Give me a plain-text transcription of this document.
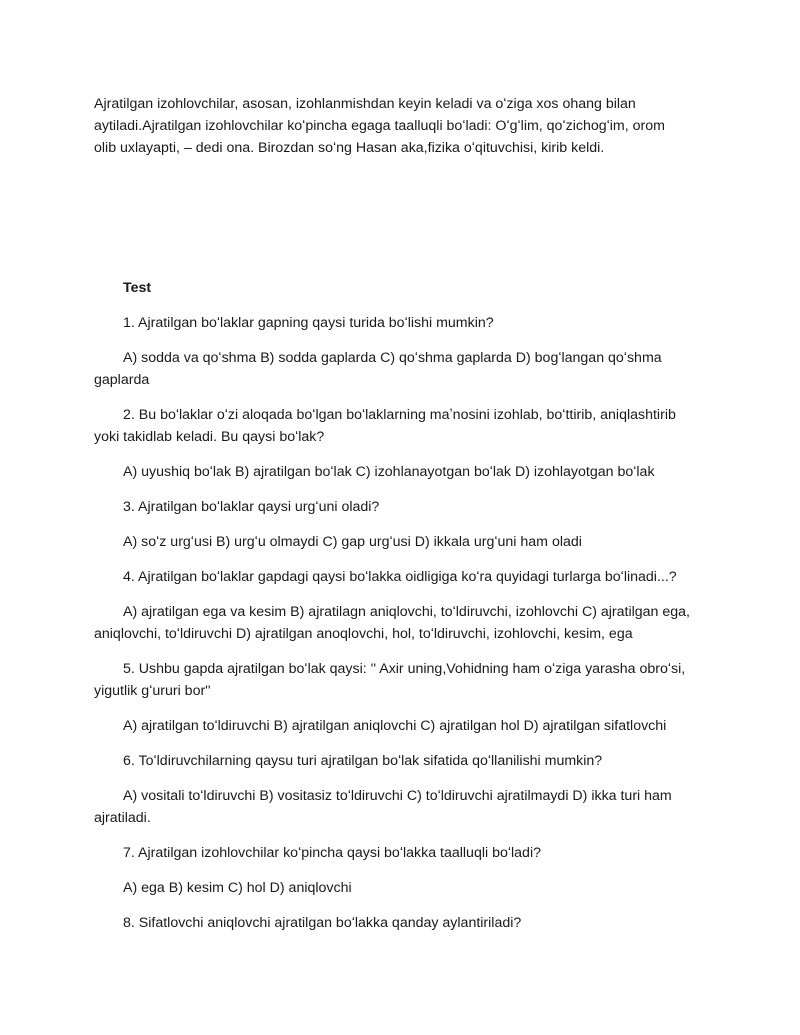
Ajratilgan izohlovchilar, asosan, izohlanmishdan keyin keladi va oʻziga xos ohang bilan

aytiladi.Ajratilgan izohlovchilar koʻpincha egaga taalluqli boʻladi: Oʻgʻlim, qoʻzichogʻim, orom

olib uxlayapti, – dedi ona. Birozdan soʻng Hasan aka,fizika oʻqituvchisi, kirib keldi.

Test

1. Ajratilgan boʻlaklar gapning qaysi turida boʻlishi mumkin?

A) sodda va qoʻshma B) sodda gaplarda C) qoʻshma gaplarda D) bogʻlangan qoʻshma

gaplarda

2. Bu boʻlaklar oʻzi aloqada boʻlgan boʻlaklarning maʼnosini izohlab, boʻttirib, aniqlashtirib

yoki takidlab keladi. Bu qaysi boʻlak?

A) uyushiq boʻlak B) ajratilgan boʻlak C) izohlanayotgan boʻlak D) izohlayotgan boʻlak

3. Ajratilgan boʻlaklar qaysi urgʻuni oladi?

A) soʻz urgʻusi B) urgʻu olmaydi C) gap urgʻusi D) ikkala urgʻuni ham oladi

4. Ajratilgan boʻlaklar gapdagi qaysi boʻlakka oidligiga koʻra quyidagi turlarga boʻlinadi...?

A) ajratilgan ega va kesim B) ajratilagn aniqlovchi, toʻldiruvchi, izohlovchi C) ajratilgan ega,

aniqlovchi, toʻldiruvchi D) ajratilgan anoqlovchi, hol, toʻldiruvchi, izohlovchi, kesim, ega

5. Ushbu gapda ajratilgan boʻlak qaysi: '' Axir uning,Vohidning ham oʻziga yarasha obroʻsi,

yigutlik gʻururi bor''

A) ajratilgan toʻldiruvchi B) ajratilgan aniqlovchi C) ajratilgan hol D) ajratilgan sifatlovchi

6. Toʻldiruvchilarning qaysu turi ajratilgan boʻlak sifatida qoʻllanilishi mumkin?

A) vositali toʻldiruvchi B) vositasiz toʻldiruvchi C) toʻldiruvchi ajratilmaydi D) ikka turi ham

ajratiladi.

7. Ajratilgan izohlovchilar koʻpincha qaysi boʻlakka taalluqli boʻladi?

A) ega B) kesim C) hol D) aniqlovchi

8. Sifatlovchi aniqlovchi ajratilgan boʻlakka qanday aylantiriladi?
